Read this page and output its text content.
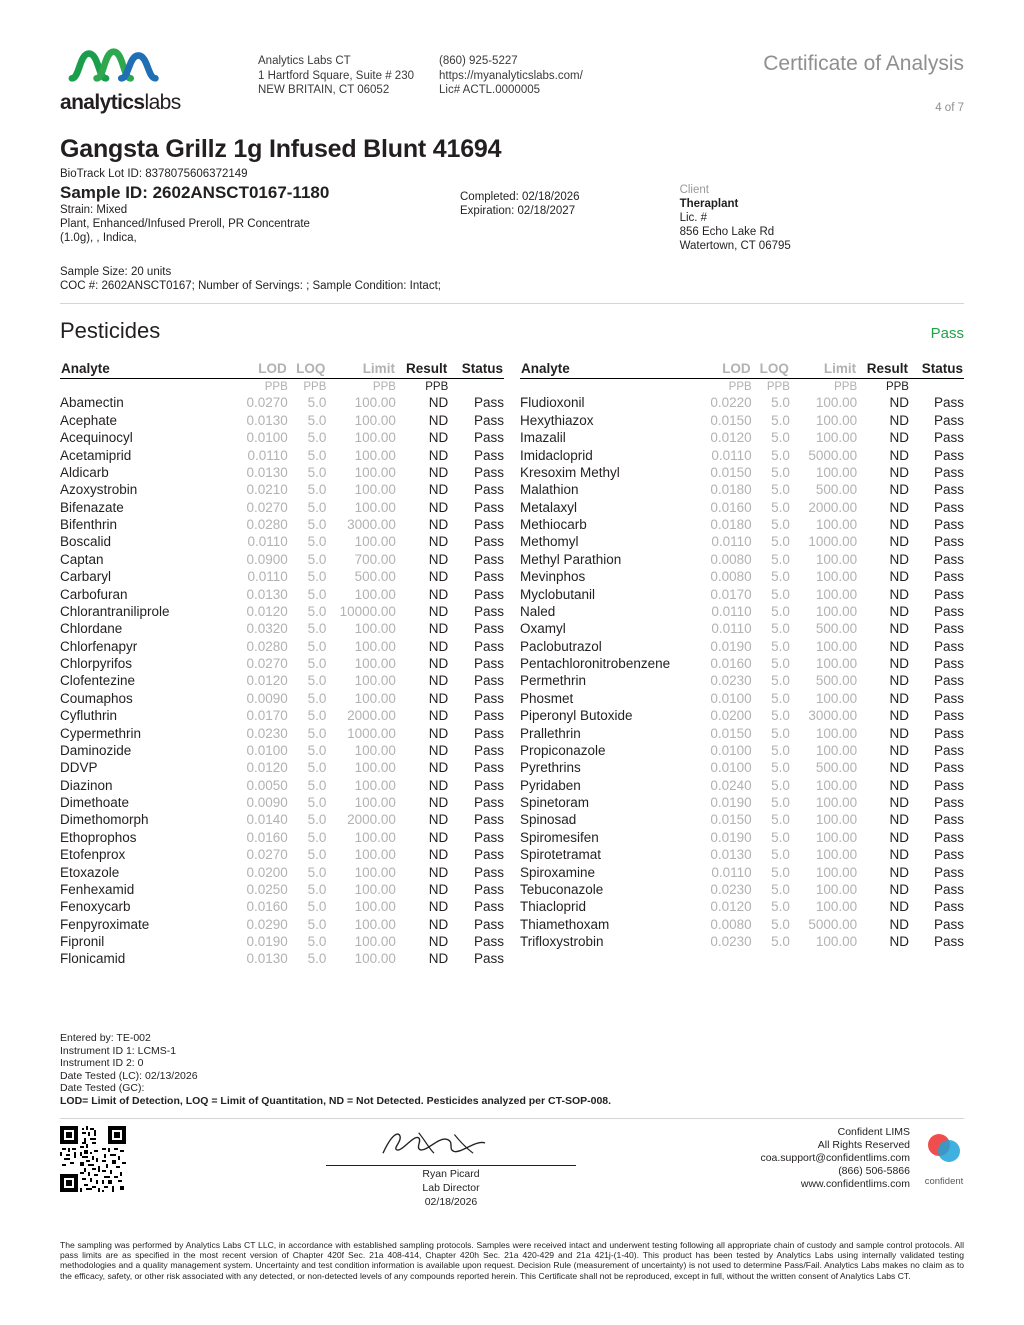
analyticslabs
Analytics Labs CT
1 Hartford Square, Suite # 230
NEW BRITAIN, CT 06052
(860) 925-5227
https://myanalyticslabs.com/
Lic# ACTL.0000005
Certificate of Analysis
4 of 7
Gangsta Grillz 1g Infused Blunt 41694
BioTrack Lot ID: 8378075606372149
Sample ID: 2602ANSCT0167-1180
Strain: Mixed
Plant, Enhanced/Infused Preroll, PR Concentrate
(1.0g), , Indica,
Completed: 02/18/2026
Expiration: 02/18/2027
Client
Theraplant
Lic. #
856 Echo Lake Rd
Watertown, CT 06795
Sample Size: 20 units
COC #: 2602ANSCT0167; Number of Servings: ; Sample Condition: Intact;
Pesticides	Pass
Analyte	LOD	LOQ	Limit	Result	Status
	PPB	PPB	PPB	PPB	
Abamectin	0.0270	5.0	100.00	ND	Pass
Acephate	0.0130	5.0	100.00	ND	Pass
Acequinocyl	0.0100	5.0	100.00	ND	Pass
Acetamiprid	0.0110	5.0	100.00	ND	Pass
Aldicarb	0.0130	5.0	100.00	ND	Pass
Azoxystrobin	0.0210	5.0	100.00	ND	Pass
Bifenazate	0.0270	5.0	100.00	ND	Pass
Bifenthrin	0.0280	5.0	3000.00	ND	Pass
Boscalid	0.0110	5.0	100.00	ND	Pass
Captan	0.0900	5.0	700.00	ND	Pass
Carbaryl	0.0110	5.0	500.00	ND	Pass
Carbofuran	0.0130	5.0	100.00	ND	Pass
Chlorantraniliprole	0.0120	5.0	10000.00	ND	Pass
Chlordane	0.0320	5.0	100.00	ND	Pass
Chlorfenapyr	0.0280	5.0	100.00	ND	Pass
Chlorpyrifos	0.0270	5.0	100.00	ND	Pass
Clofentezine	0.0120	5.0	100.00	ND	Pass
Coumaphos	0.0090	5.0	100.00	ND	Pass
Cyfluthrin	0.0170	5.0	2000.00	ND	Pass
Cypermethrin	0.0230	5.0	1000.00	ND	Pass
Daminozide	0.0100	5.0	100.00	ND	Pass
DDVP	0.0120	5.0	100.00	ND	Pass
Diazinon	0.0050	5.0	100.00	ND	Pass
Dimethoate	0.0090	5.0	100.00	ND	Pass
Dimethomorph	0.0140	5.0	2000.00	ND	Pass
Ethoprophos	0.0160	5.0	100.00	ND	Pass
Etofenprox	0.0270	5.0	100.00	ND	Pass
Etoxazole	0.0200	5.0	100.00	ND	Pass
Fenhexamid	0.0250	5.0	100.00	ND	Pass
Fenoxycarb	0.0160	5.0	100.00	ND	Pass
Fenpyroximate	0.0290	5.0	100.00	ND	Pass
Fipronil	0.0190	5.0	100.00	ND	Pass
Flonicamid	0.0130	5.0	100.00	ND	Pass
Analyte	LOD	LOQ	Limit	Result	Status
	PPB	PPB	PPB	PPB	
Fludioxonil	0.0220	5.0	100.00	ND	Pass
Hexythiazox	0.0150	5.0	100.00	ND	Pass
Imazalil	0.0120	5.0	100.00	ND	Pass
Imidacloprid	0.0110	5.0	5000.00	ND	Pass
Kresoxim Methyl	0.0150	5.0	100.00	ND	Pass
Malathion	0.0180	5.0	500.00	ND	Pass
Metalaxyl	0.0160	5.0	2000.00	ND	Pass
Methiocarb	0.0180	5.0	100.00	ND	Pass
Methomyl	0.0110	5.0	1000.00	ND	Pass
Methyl Parathion	0.0080	5.0	100.00	ND	Pass
Mevinphos	0.0080	5.0	100.00	ND	Pass
Myclobutanil	0.0170	5.0	100.00	ND	Pass
Naled	0.0110	5.0	100.00	ND	Pass
Oxamyl	0.0110	5.0	500.00	ND	Pass
Paclobutrazol	0.0190	5.0	100.00	ND	Pass
Pentachloronitrobenzene	0.0160	5.0	100.00	ND	Pass
Permethrin	0.0230	5.0	500.00	ND	Pass
Phosmet	0.0100	5.0	100.00	ND	Pass
Piperonyl Butoxide	0.0200	5.0	3000.00	ND	Pass
Prallethrin	0.0150	5.0	100.00	ND	Pass
Propiconazole	0.0100	5.0	100.00	ND	Pass
Pyrethrins	0.0100	5.0	500.00	ND	Pass
Pyridaben	0.0240	5.0	100.00	ND	Pass
Spinetoram	0.0190	5.0	100.00	ND	Pass
Spinosad	0.0150	5.0	100.00	ND	Pass
Spiromesifen	0.0190	5.0	100.00	ND	Pass
Spirotetramat	0.0130	5.0	100.00	ND	Pass
Spiroxamine	0.0110	5.0	100.00	ND	Pass
Tebuconazole	0.0230	5.0	100.00	ND	Pass
Thiacloprid	0.0120	5.0	100.00	ND	Pass
Thiamethoxam	0.0080	5.0	5000.00	ND	Pass
Trifloxystrobin	0.0230	5.0	100.00	ND	Pass
Entered by: TE-002
Instrument ID 1: LCMS-1
Instrument ID 2: 0
Date Tested (LC): 02/13/2026
Date Tested (GC):
LOD= Limit of Detection, LOQ = Limit of Quantitation, ND = Not Detected. Pesticides analyzed per CT-SOP-008.
Ryan Picard
Lab Director
02/18/2026
Confident LIMS
All Rights Reserved
coa.support@confidentlims.com
(866) 506-5866
www.confidentlims.com confident
The sampling was performed by Analytics Labs CT LLC, in accordance with established sampling protocols. Samples were received intact and underwent testing following all appropriate chain of custody and sample control protocols. All pass limits are as specified in the most recent version of Chapter 420f Sec. 21a 408-414, Chapter 420h Sec. 21a 420-429 and 21a 421j-(1-40). This product has been tested by Analytics Labs using internally validated testing methodologies and a quality management system. Uncertainty and test condition information is available upon request. Decision Rule (measurement of uncertainty) is not used to determine Pass/Fail. Analytics Labs makes no claim as to the efficacy, safety, or other risk associated with any detected, or non-detected levels of any compounds reported herein. This Certificate shall not be reproduced, except in full, without the written consent of Analytics Labs CT.
